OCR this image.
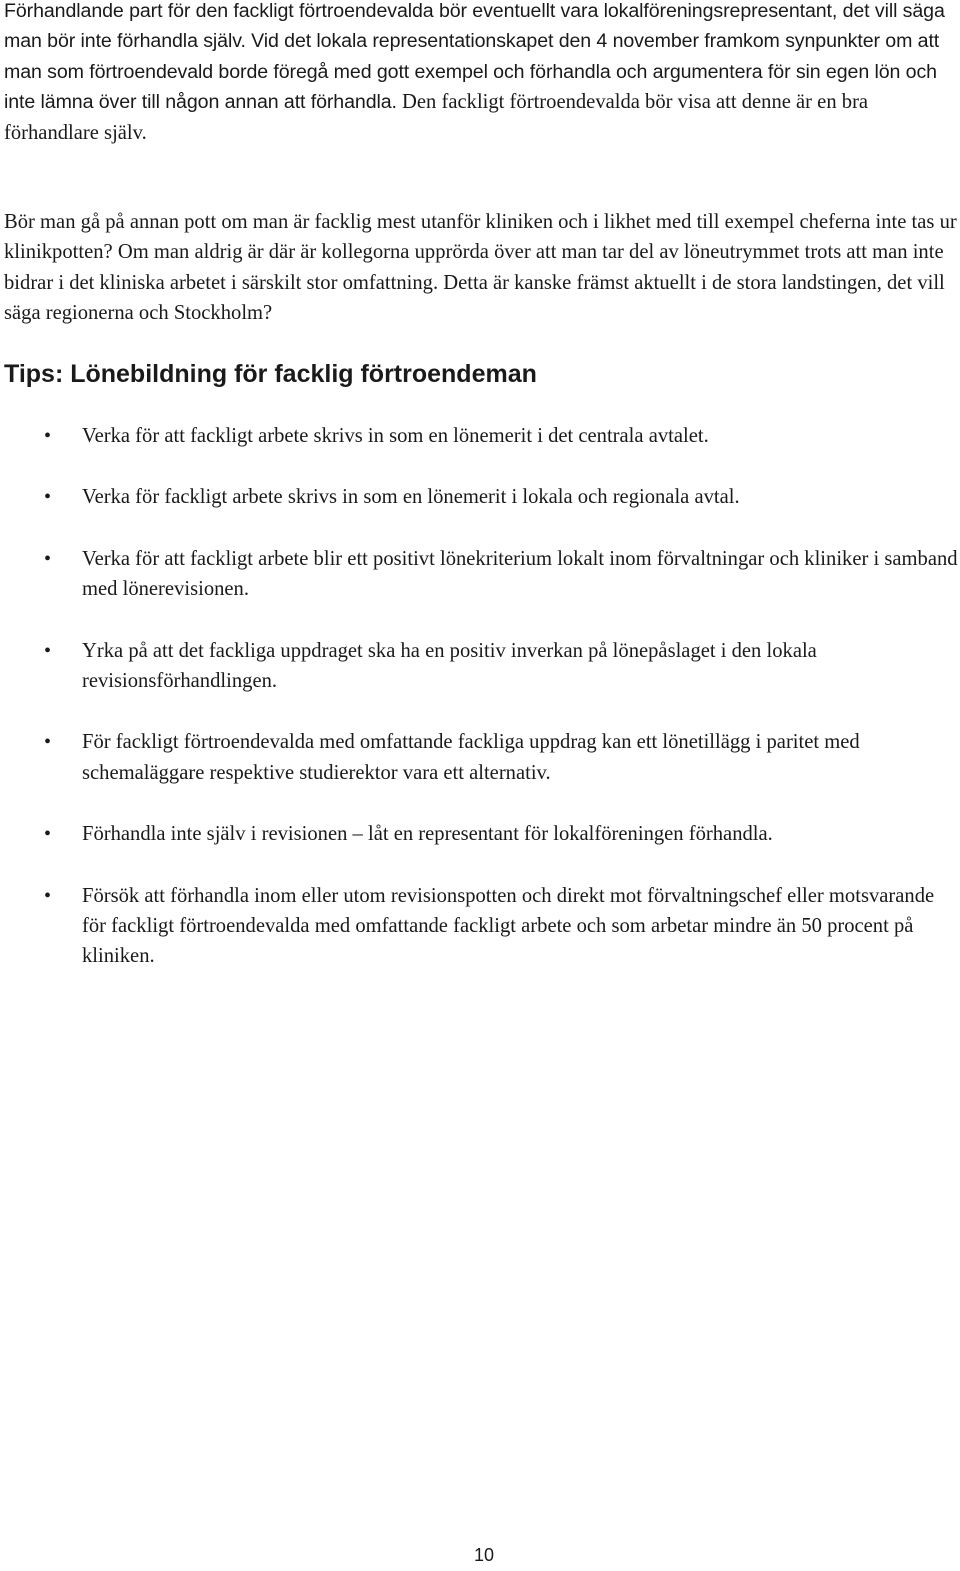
Förhandlande part för den fackligt förtroendevalda bör eventuellt vara lokalföreningsrepresentant, det vill säga man bör inte förhandla själv. Vid det lokala representationskapet den 4 november framkom synpunkter om att man som förtroendevald borde föregå med gott exempel och förhandla och argumentera för sin egen lön och inte lämna över till någon annan att förhandla. Den fackligt förtroendevalda bör visa att denne är en bra förhandlare själv.

Bör man gå på annan pott om man är facklig mest utanför kliniken och i likhet med till exempel cheferna inte tas ur klinikpotten? Om man aldrig är där är kollegorna upprörda över att man tar del av löneutrymmet trots att man inte bidrar i det kliniska arbetet i särskilt stor omfattning. Detta är kanske främst aktuellt i de stora landstingen, det vill säga regionerna och Stockholm?

Tips: Lönebildning för facklig förtroendeman
• Verka för att fackligt arbete skrivs in som en lönemerit i det centrala avtalet.
• Verka för fackligt arbete skrivs in som en lönemerit i lokala och regionala avtal.
• Verka för att fackligt arbete blir ett positivt lönekriterium lokalt inom förvaltningar och kliniker i samband med lönerevisionen.
• Yrka på att det fackliga uppdraget ska ha en positiv inverkan på lönepåslaget i den lokala revisionsförhandlingen.
• För fackligt förtroendevalda med omfattande fackliga uppdrag kan ett lönetillägg i paritet med schemaläggare respektive studierektor vara ett alternativ.
• Förhandla inte själv i revisionen – låt en representant för lokalföreningen förhandla.
• Försök att förhandla inom eller utom revisionspotten och direkt mot förvaltningschef eller motsvarande för fackligt förtroendevalda med omfattande fackligt arbete och som arbetar mindre än 50 procent på kliniken.
10
